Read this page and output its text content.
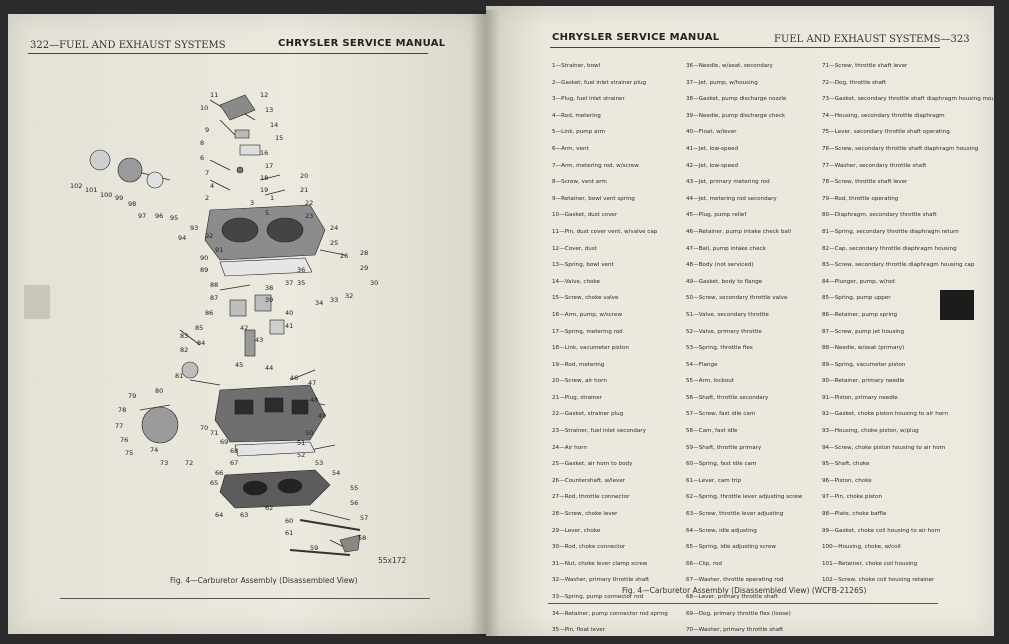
322—FUEL AND EXHAUST SYSTEMS	CHRYSLER SERVICE MANUAL
11	12
10	13
14
15
9
16
6
17
7
4
18
19
2
20
21
22
23
24
25
26 28
29
30
34 33 32
35
36
37
38
39
40
41
42
43
44
45
46
47
48
49
50
51
52
53
54
55
56
57
58
59
60
61
62
63
64
65
66
67
68
69
70
71
72
73
74
75
76
77
78
79
80
81
82
83
84
85
86
87
88
89
90
91
92
93
94
95
96
97
98
99
100
101
102
1
3
5
8
55x172
Fig. 4—Carburetor Assembly (Disassembled View)
CHRYSLER SERVICE MANUAL	FUEL AND EXHAUST SYSTEMS—323
1—Strainer, bowl
2—Gasket, fuel inlet strainer plug
3—Plug, fuel inlet strainer
4—Rod, metering
5—Link, pump arm
6—Arm, vent
7—Arm, metering rod, w/screw
8—Screw, vent arm
9—Retainer, bowl vent spring
10—Gasket, dust cover
11—Pin, dust cover vent, w/valve cap
12—Cover, dust
13—Spring, bowl vent
14—Valve, choke
15—Screw, choke valve
16—Arm, pump, w/screw
17—Spring, metering rod
18—Link, vacumeter piston
19—Rod, metering
20—Screw, air horn
21—Plug, strainer
22—Gasket, strainer plug
23—Strainer, fuel inlet secondary
24—Air horn
25—Gasket, air horn to body
26—Countershaft, w/lever
27—Rod, throttle connector
28—Screw, choke lever
29—Lever, choke
30—Rod, choke connector
31—Nut, choke lever clamp screw
32—Washer, primary throttle shaft
33—Spring, pump connector rod
34—Retainer, pump connector rod spring
35—Pin, float lever
36—Needle, w/seat, secondary
37—Jet, pump, w/housing
38—Gasket, pump discharge nozzle
39—Needle, pump discharge check
40—Float, w/lever
41—Jet, low-speed
42—Jet, low-speed
43—Jet, primary metering rod
44—Jet, metering rod secondary
45—Plug, pump relief
46—Retainer, pump intake check ball
47—Ball, pump intake check
48—Body (not serviced)
49—Gasket, body to flange
50—Screw, secondary throttle valve
51—Valve, secondary throttle
52—Valve, primary throttle
53—Spring, throttle flex
54—Flange
55—Arm, lockout
56—Shaft, throttle secondary
57—Screw, fast idle cam
58—Cam, fast idle
59—Shaft, throttle primary
60—Spring, fast idle cam
61—Lever, cam trip
62—Spring, throttle lever adjusting screw
63—Screw, throttle lever adjusting
64—Screw, idle adjusting
65—Spring, idle adjusting screw
66—Clip, rod
67—Washer, throttle operating rod
68—Lever, primary throttle shaft
69—Dog, primary throttle flex (loose)
70—Washer, primary throttle shaft
71—Screw, throttle shaft lever
72—Dog, throttle shaft
73—Gasket, secondary throttle shaft diaphragm housing mounting
74—Housing, secondary throttle diaphragm
75—Lever, secondary throttle shaft operating
76—Screw, secondary throttle shaft diaphragm housing
77—Washer, secondary throttle shaft
78—Screw, throttle shaft lever
79—Rod, throttle operating
80—Diaphragm, secondary throttle shaft
81—Spring, secondary throttle diaphragm return
82—Cap, secondary throttle diaphragm housing
83—Screw, secondary throttle diaphragm housing cap
84—Plunger, pump, w/rod
85—Spring, pump upper
86—Retainer, pump spring
87—Screw, pump jet housing
88—Needle, w/seat (primary)
89—Spring, vacumeter piston
90—Retainer, primary needle
91—Piston, primary needle
92—Gasket, choke piston housing to air horn
93—Housing, choke piston, w/plug
94—Screw, choke piston housing to air horn
95—Shaft, choke
96—Piston, choke
97—Pin, choke piston
98—Plate, choke baffle
99—Gasket, choke coil housing to air horn
100—Housing, choke, w/coil
101—Retainer, choke coil housing
102—Screw, choke coil housing retainer
Fig. 4—Carburetor Assembly (Disassembled View) (WCFB-2126S)
